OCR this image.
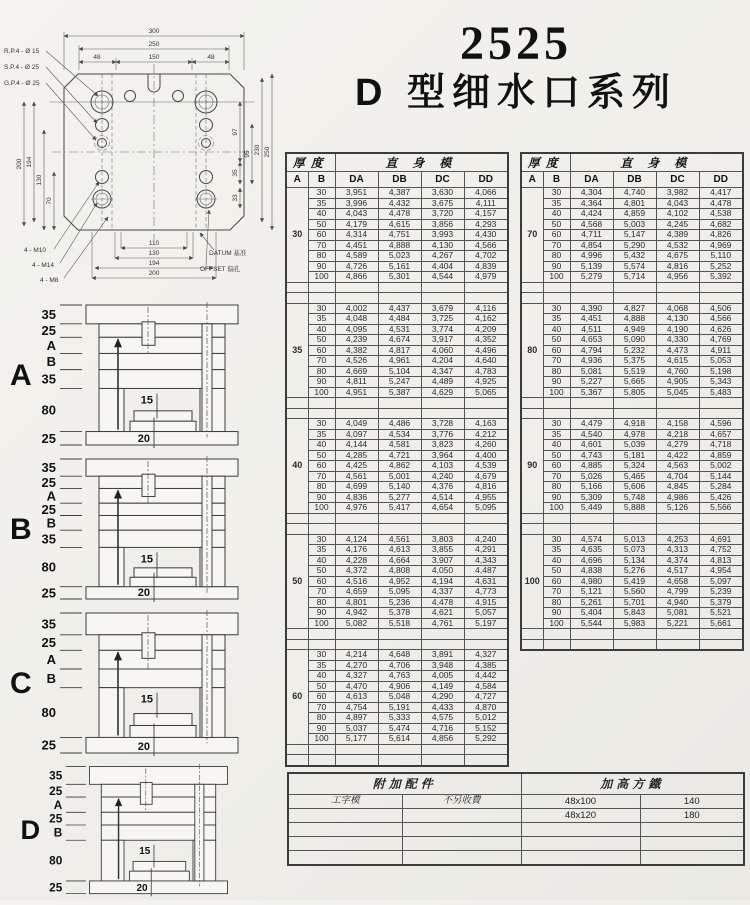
2525
D 型细水口系列
300
250
150
48	48
200 194
130
70
97
35
33
95 230 250
110
130
194
200
R.P.4 - Ø 15
S.P.4 - Ø 25
G.P.4 - Ø 25
4 - M10
4 - M14
4 - M8
DATUM 基准
OFFSET 偏孔
厚度		直 身 模			
A	B	DA	DB	DC	DD
30	30	3,951	4,387	3,630	4,066
	35	3,996	4,432	3,675	4,111
	40	4,043	4,478	3,720	4,157
	50	4,179	4,615	3,856	4,293
	60	4,314	4,751	3,993	4,430
	70	4,451	4,888	4,130	4,566
	80	4,589	5,023	4,267	4,702
	90	4,726	5,161	4,404	4,839
	100	4,866	5,301	4,544	4,979

35	30	4,002	4,437	3,679	4,116
	35	4,048	4,484	3,725	4,162
	40	4,095	4,531	3,774	4,209
	50	4,239	4,674	3,917	4,352
	60	4,382	4,817	4,060	4,496
	70	4,526	4,961	4,204	4,640
	80	4,669	5,104	4,347	4,783
	90	4,811	5,247	4,489	4,925
	100	4,951	5,387	4,629	5,065

40	30	4,049	4,486	3,728	4,163
	35	4,097	4,534	3,776	4,212
	40	4,144	4,581	3,823	4,260
	50	4,285	4,721	3,964	4,400
	60	4,425	4,862	4,103	4,539
	70	4,561	5,001	4,240	4,679
	80	4,699	5,140	4,376	4,816
	90	4,836	5,277	4,514	4,955
	100	4,976	5,417	4,654	5,095

50	30	4,124	4,561	3,803	4,240
	35	4,176	4,613	3,855	4,291
	40	4,228	4,664	3,907	4,343
	50	4,372	4,808	4,050	4,487
	60	4,516	4,952	4,194	4,631
	70	4,659	5,095	4,337	4,773
	80	4,801	5,236	4,478	4,915
	90	4,942	5,378	4,621	5,057
	100	5,082	5,518	4,761	5,197

60	30	4,214	4,648	3,891	4,327
	35	4,270	4,706	3,948	4,385
	40	4,327	4,763	4,005	4,442
	50	4,470	4,906	4,149	4,584
	60	4,613	5,048	4,290	4,727
	70	4,754	5,191	4,433	4,870
	80	4,897	5,333	4,575	5,012
	90	5,037	5,474	4,716	5,152
	100	5,177	5,614	4,856	5,292

厚度		直 身 模			
A	B	DA	DB	DC	DD
70	30	4,304	4,740	3,982	4,417
	35	4,364	4,801	4,043	4,478
	40	4,424	4,859	4,102	4,538
	50	4,568	5,003	4,245	4,682
	60	4,711	5,147	4,389	4,826
	70	4,854	5,290	4,532	4,969
	80	4,996	5,432	4,675	5,110
	90	5,139	5,574	4,816	5,252
	100	5,279	5,714	4,956	5,392

80	30	4,390	4,827	4,068	4,506
	35	4,451	4,888	4,130	4,566
	40	4,511	4,949	4,190	4,626
	50	4,653	5,090	4,330	4,769
	60	4,794	5,232	4,473	4,911
	70	4,936	5,375	4,615	5,053
	80	5,081	5,519	4,760	5,198
	90	5,227	5,665	4,905	5,343
	100	5,367	5,805	5,045	5,483

90	30	4,479	4,918	4,158	4,596
	35	4,540	4,978	4,218	4,657
	40	4,601	5,039	4,279	4,718
	50	4,743	5,181	4,422	4,859
	60	4,885	5,324	4,563	5,002
	70	5,026	5,465	4,704	5,144
	80	5,166	5,606	4,845	5,284
	90	5,309	5,748	4,986	5,426
	100	5,449	5,888	5,126	5,566

100	30	4,574	5,013	4,253	4,691
	35	4,635	5,073	4,313	4,752
	40	4,696	5,134	4,374	4,813
	50	4,838	5,276	4,517	4,954
	60	4,980	5,419	4,658	5,097
	70	5,121	5,560	4,799	5,239
	80	5,261	5,701	4,940	5,379
	90	5,404	5,843	5,081	5,521
	100	5,544	5,983	5,221	5,661

A
35
25
A
B
35
80
25
15
20
B
35
25
A
25
B
35
80
25
15
20
C
35
25
A
B
80
25
15
20
D
35
25
A
25
B
80
25
15
20
附加配件		加高方鐵	
工字模	不另收費	48x100	140
		48x120	180
